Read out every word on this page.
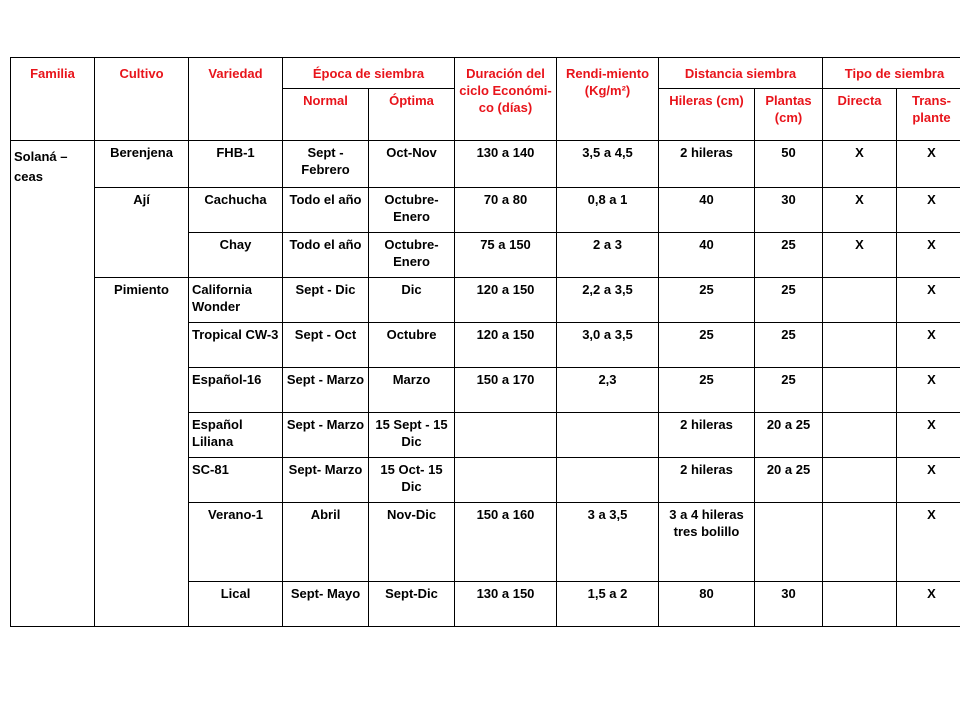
Familia	Cultivo	Variedad	Época de siembra		Duración del ciclo Económi-co (días)	Rendi-miento (Kg/m²)	Distancia siembra		Tipo de siembra	
			Normal	Óptima			Hileras (cm)	Plantas (cm)	Directa	Trans-plante
Solaná – ceas	Berenjena	FHB-1	Sept - Febrero	Oct-Nov	130 a 140	3,5 a 4,5	2 hileras	50	X	X
	Ají	Cachucha	Todo el año	Octubre-Enero	70 a 80	0,8 a 1	40	30	X	X
		Chay	Todo el año	Octubre-Enero	75 a 150	2 a 3	40	25	X	X
	Pimiento	California Wonder	Sept - Dic	Dic	120 a 150	2,2 a 3,5	25	25		X
		Tropical CW-3	Sept - Oct	Octubre	120 a 150	3,0 a 3,5	25	25		X
		Español-16	Sept - Marzo	Marzo	150 a 170	2,3	25	25		X
		Español Liliana	Sept - Marzo	15 Sept - 15 Dic			2 hileras	20 a 25		X
		SC-81	Sept- Marzo	15 Oct- 15 Dic			2 hileras	20 a 25		X
		Verano-1	Abril	Nov-Dic	150 a 160	3 a 3,5	3 a 4 hileras tres bolillo			X
		Lical	Sept- Mayo	Sept-Dic	130 a 150	1,5 a 2	80	30		X
